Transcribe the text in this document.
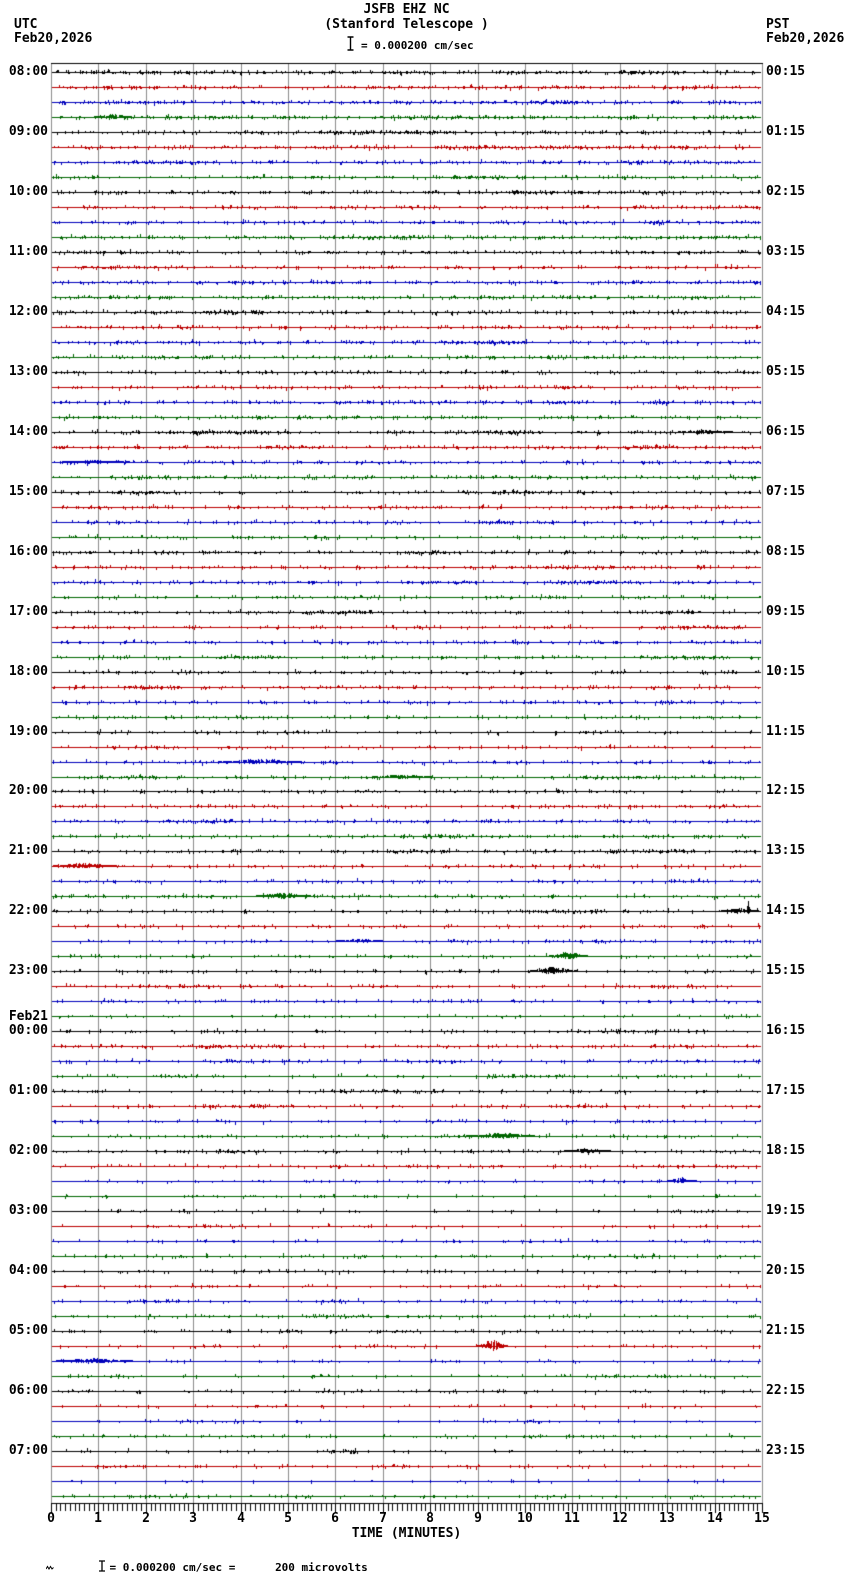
JSFB EHZ NC
(Stanford Telescope )
= 0.000200 cm/sec
UTC
Feb20,2026
PST
Feb20,2026
08:00
09:00
10:00
11:00
12:00
13:00
14:00
15:00
16:00
17:00
18:00
19:00
20:00
21:00
22:00
23:00
00:00
01:00
02:00
03:00
04:00
05:00
06:00
07:00
Feb21
00:15
01:15
02:15
03:15
04:15
05:15
06:15
07:15
08:15
09:15
10:15
11:15
12:15
13:15
14:15
15:15
16:15
17:15
18:15
19:15
20:15
21:15
22:15
23:15
0	1	2	3	4	5	6	7	8	9	10	11	12	13	14	15
TIME (MINUTES)

= 0.000200 cm/sec =      200 microvolts
